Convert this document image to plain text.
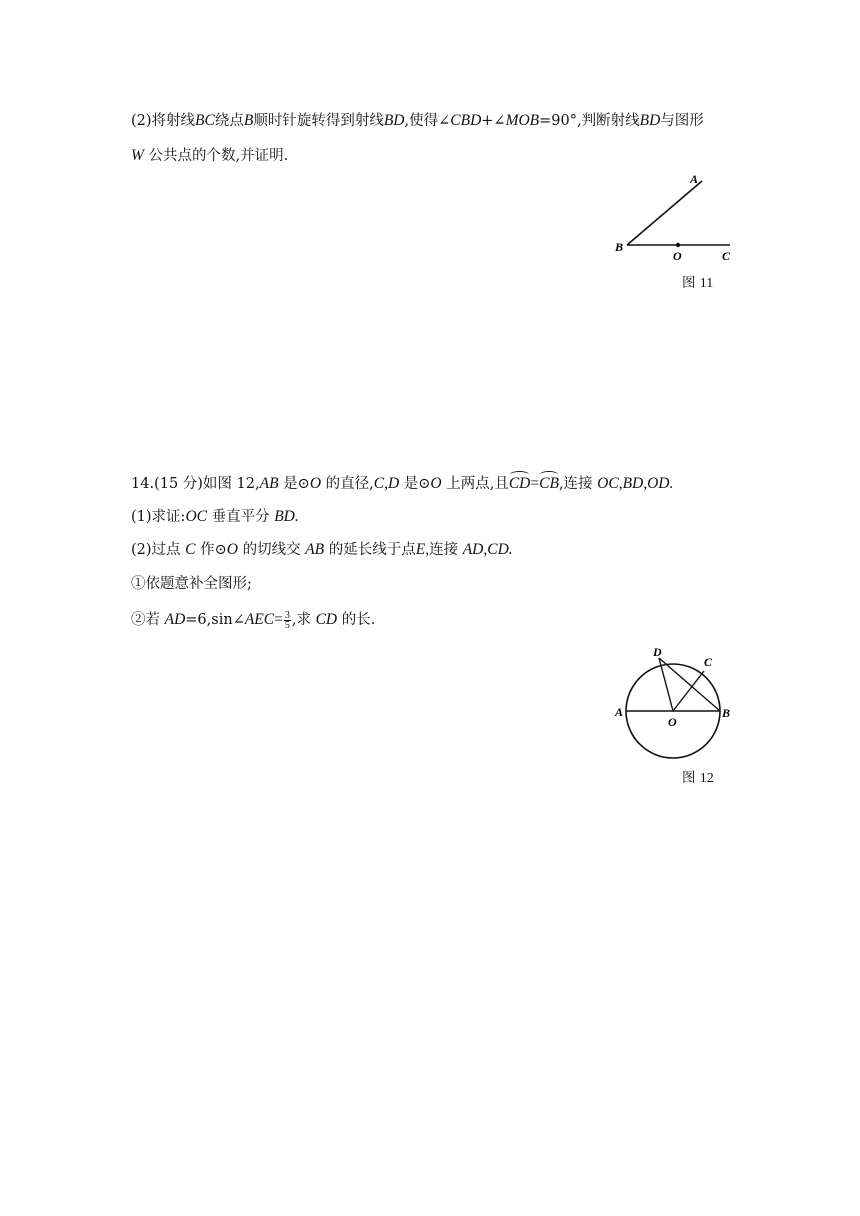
(2)将射线BC绕点B顺时针旋转得到射线BD,使得∠CBD+∠MOB=90°,判断射线BD与图形
W 公共点的个数,并证明.
A
B
O	C
图 11
14.(15 分)如图 12,AB 是⊙O 的直径,C,D 是⊙O 上两点,且CD=CB,连接 OC,BD,OD.
(1)求证:OC 垂直平分 BD.
(2)过点 C 作⊙O 的切线交 AB 的延长线于点E,连接 AD,CD.
①依题意补全图形;
②若 AD=6,sin∠AEC= $\frac{3}{5}$ ,求 CD 的长.
D
C
A
O
B
图 12
